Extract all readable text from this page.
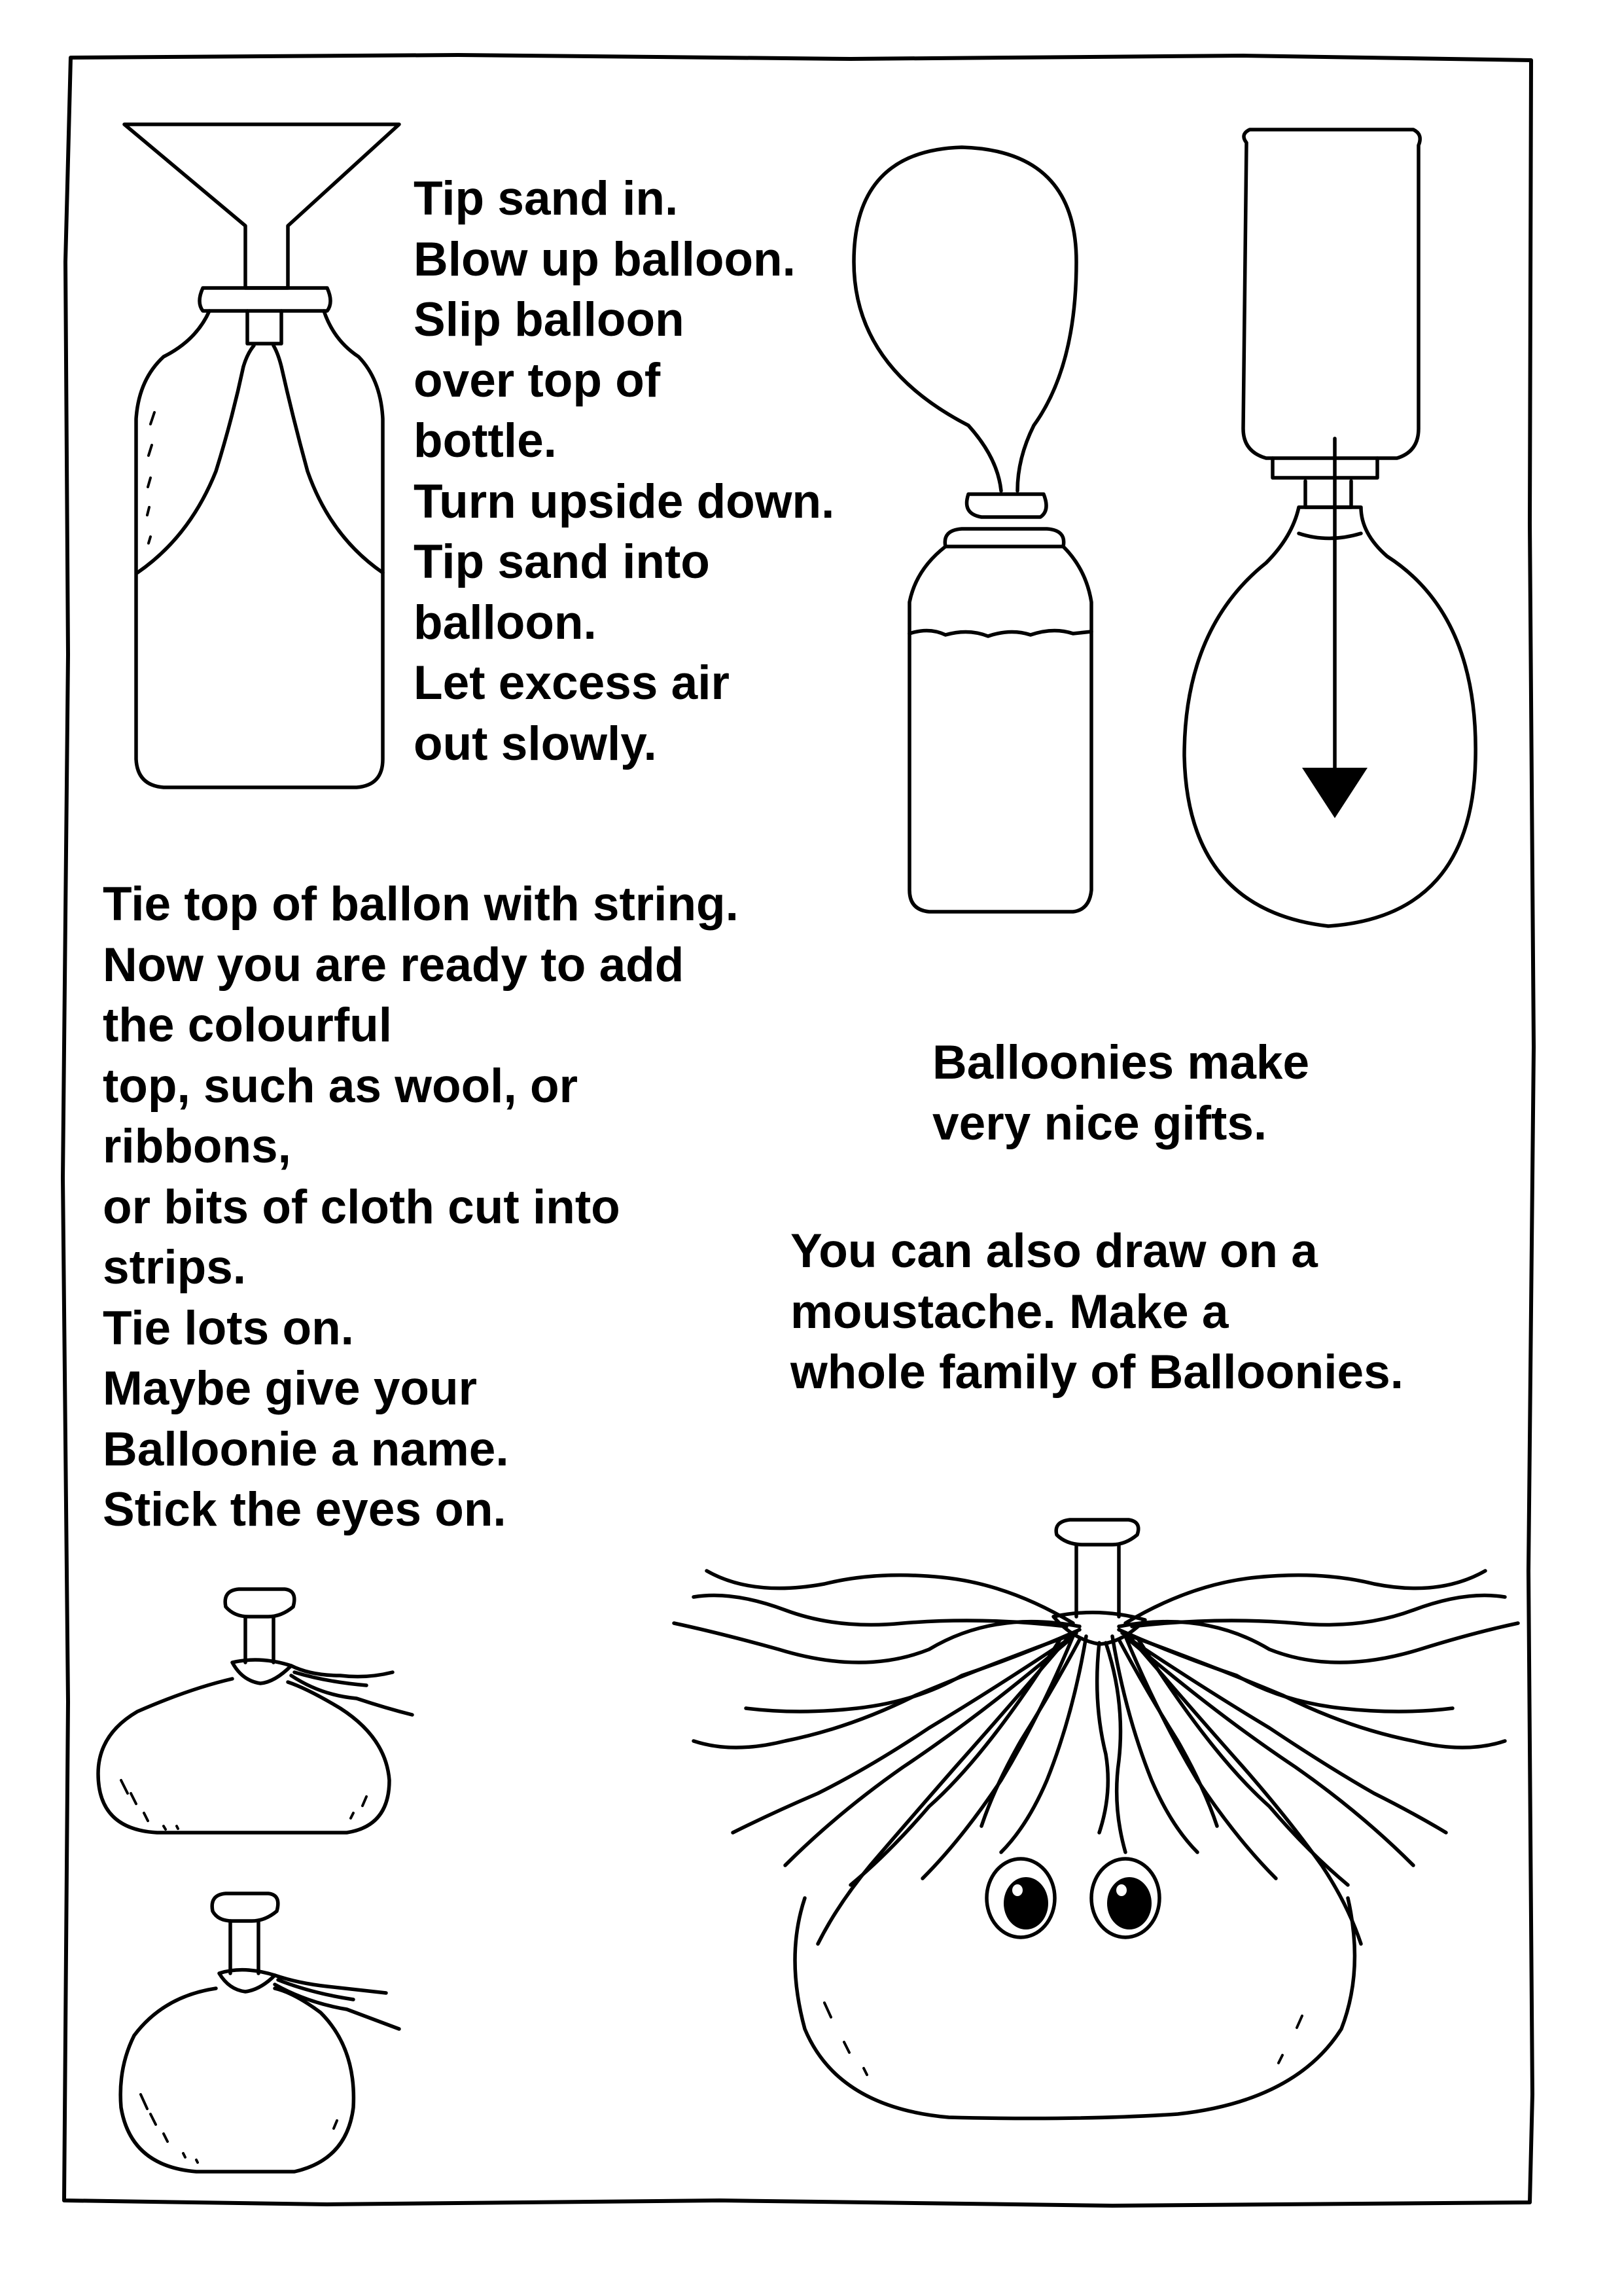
Tip sand in.
Blow up balloon.
Slip balloon
over top of
bottle.
Turn upside down.
Tip sand into
balloon.
Let excess air
out slowly.
Tie top of ballon with string.
Now you are ready to add
the colourful
top, such as wool, or
ribbons,
or bits of cloth cut into
strips.
Tie lots on.
Maybe give your
Balloonie a name.
Stick the eyes on.
Balloonies make
very nice gifts.
You can also draw on a
moustache. Make a
whole family of Balloonies.
